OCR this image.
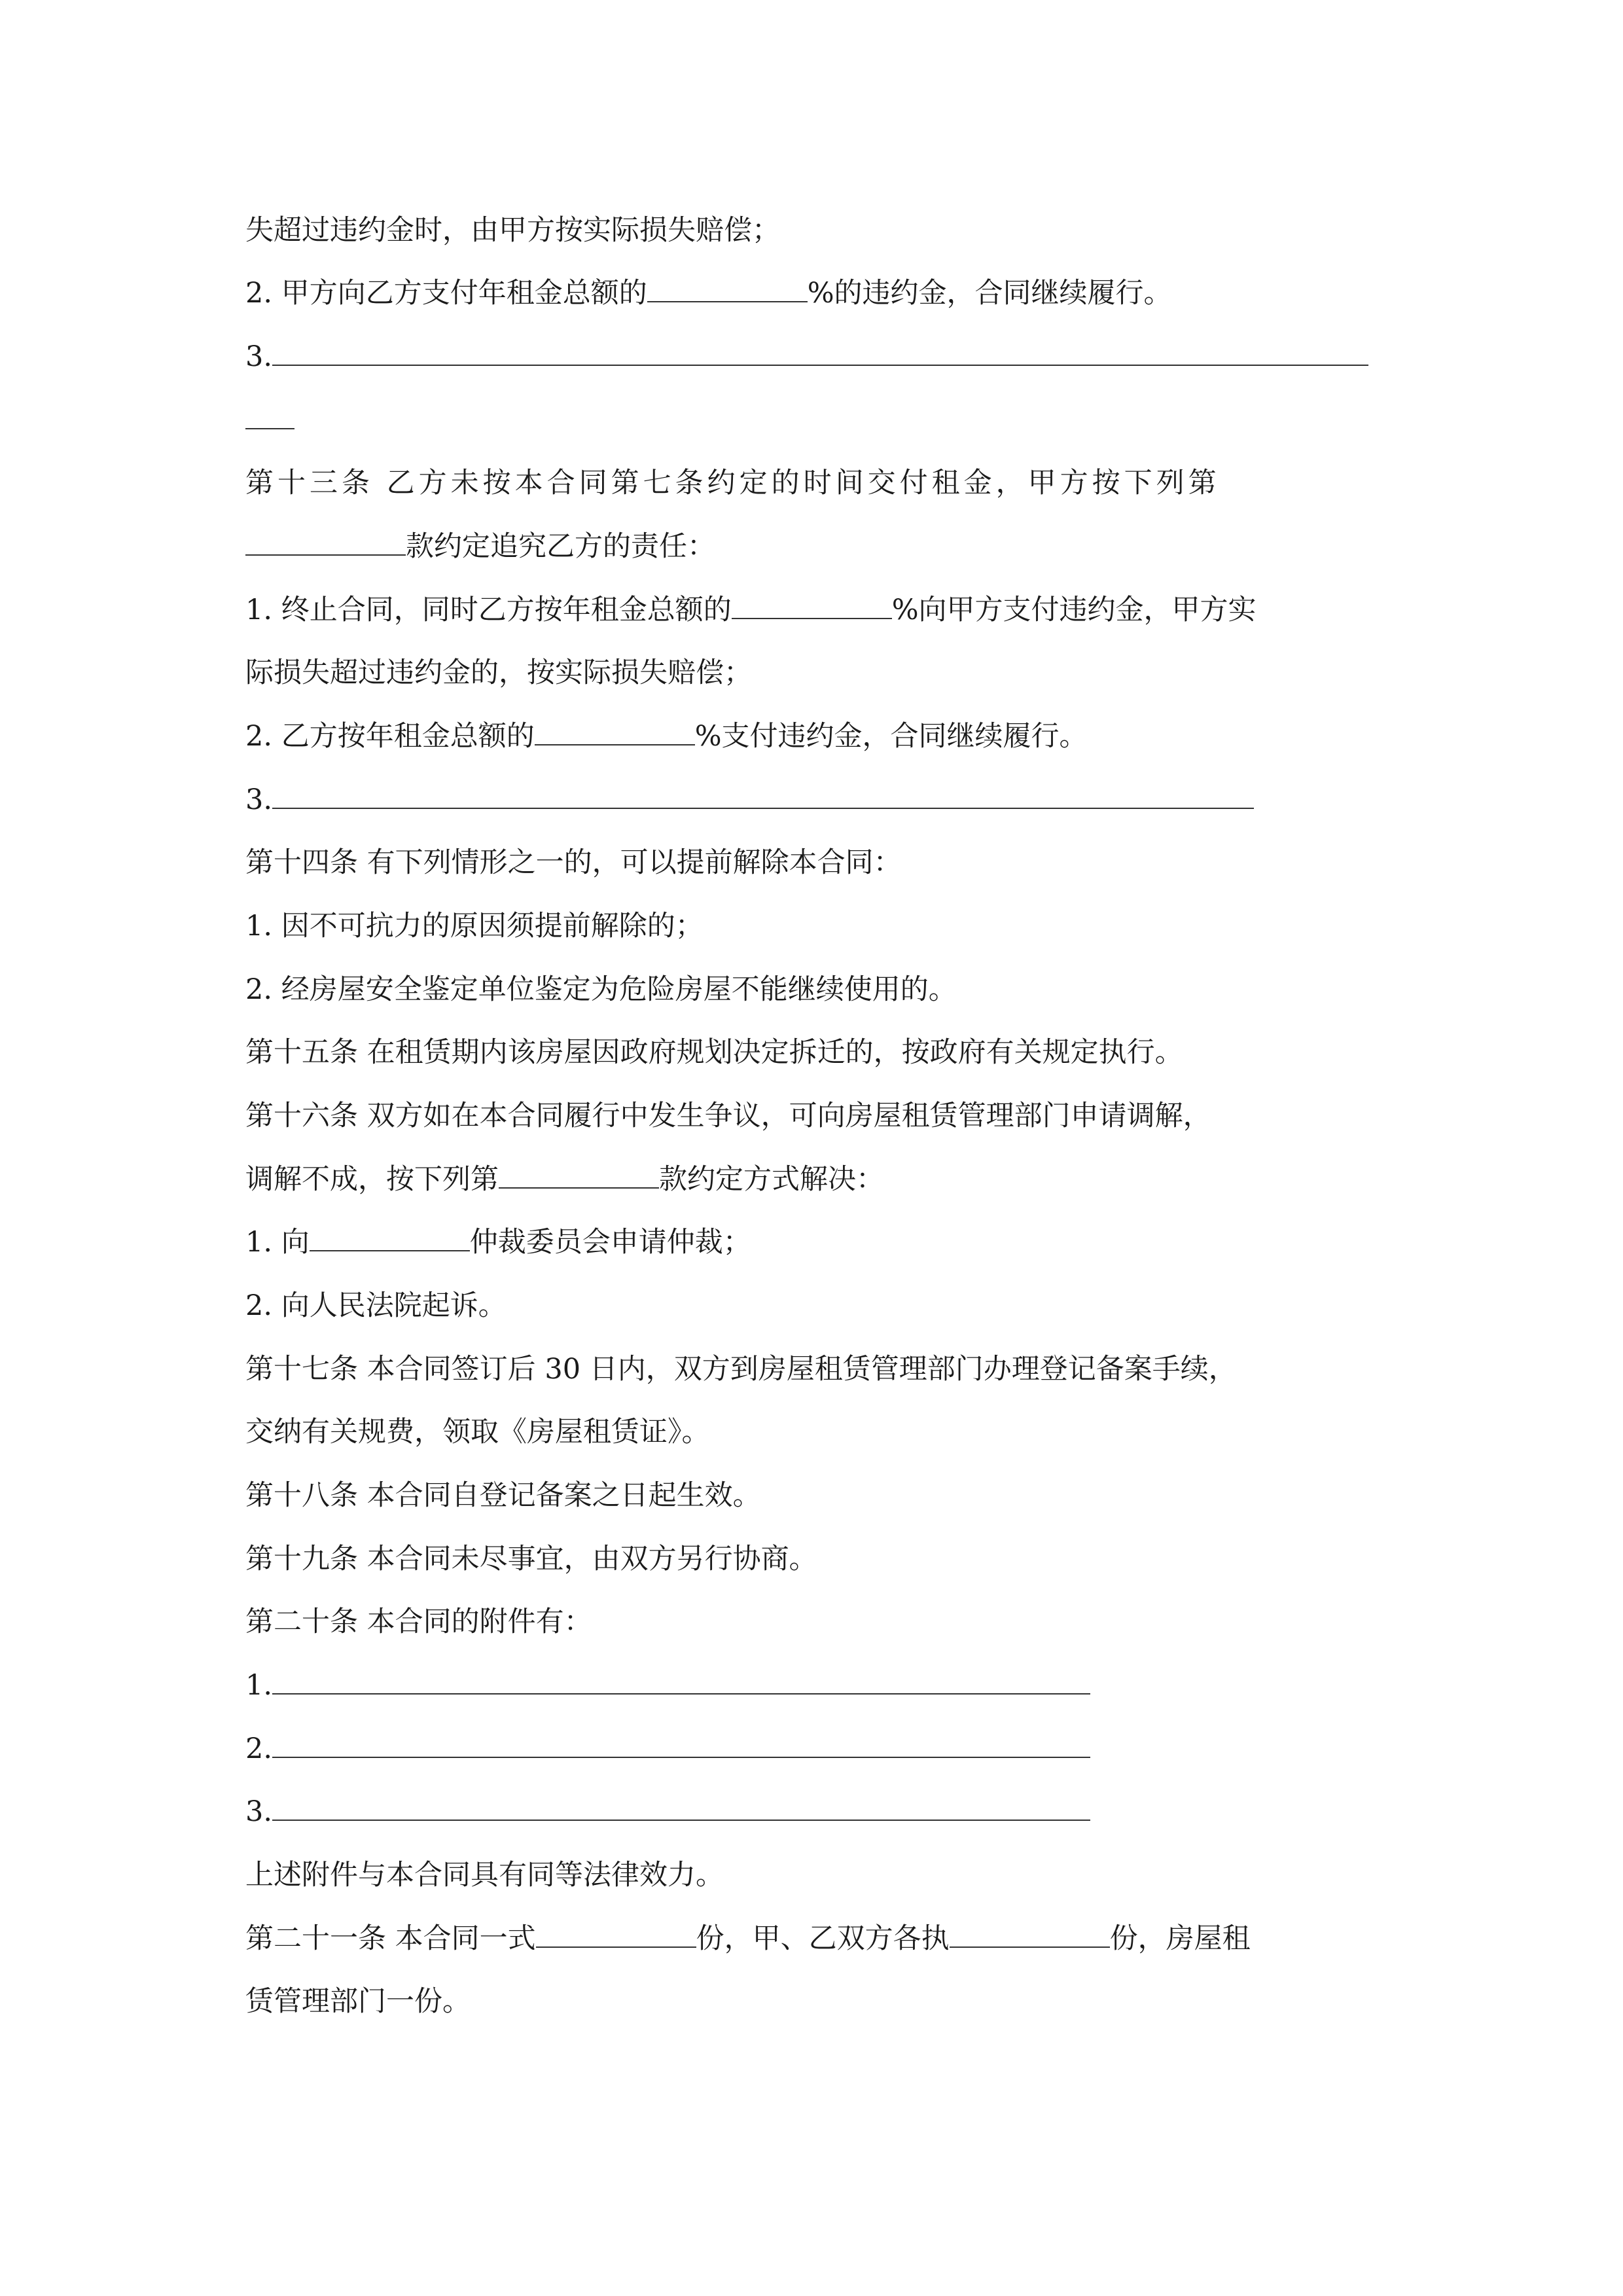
失超过违约金时，由甲方按实际损失赔偿；
2. 甲方向乙方支付年租金总额的	%的违约金，合同继续履行。
3.
第十三条 乙方未按本合同第七条约定的时间交付租金，甲方按下列第
款约定追究乙方的责任：
1. 终止合同，同时乙方按年租金总额的	%向甲方支付违约金，甲方实
际损失超过违约金的，按实际损失赔偿；
2. 乙方按年租金总额的	%支付违约金，合同继续履行。
3.
第十四条 有下列情形之一的，可以提前解除本合同：
1. 因不可抗力的原因须提前解除的；
2. 经房屋安全鉴定单位鉴定为危险房屋不能继续使用的。
第十五条 在租赁期内该房屋因政府规划决定拆迁的，按政府有关规定执行。
第十六条 双方如在本合同履行中发生争议，可向房屋租赁管理部门申请调解，
调解不成，按下列第	款约定方式解决：
1. 向	仲裁委员会申请仲裁；
2. 向人民法院起诉。
第十七条 本合同签订后 30 日内，双方到房屋租赁管理部门办理登记备案手续，
交纳有关规费，领取《房屋租赁证》。
第十八条 本合同自登记备案之日起生效。
第十九条 本合同未尽事宜，由双方另行协商。
第二十条 本合同的附件有：
1.
2.
3.
上述附件与本合同具有同等法律效力。
第二十一条 本合同一式	份，甲、乙双方各执	份，房屋租
赁管理部门一份。
